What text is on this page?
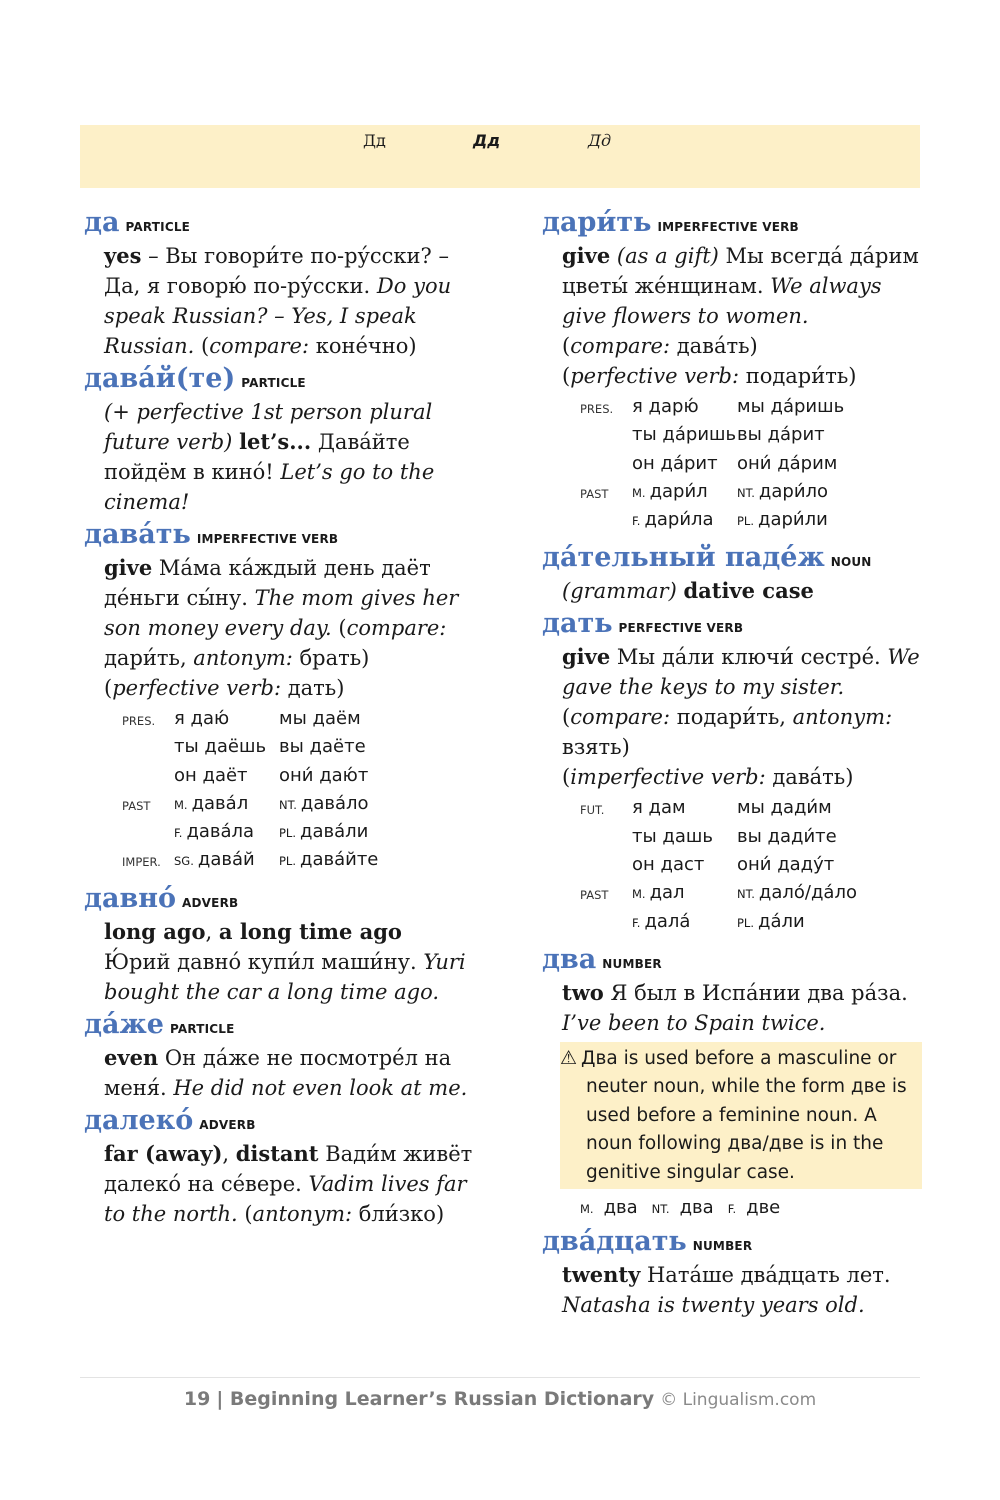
Дд	Дд	Дд
да PARTICLE
yes – Вы говори́те по-ру́сски? – Да, я говорю́ по-ру́сски. Do you speak Russian? – Yes, I speak Russian. (compare: коне́чно)
дава́й(те) PARTICLE
(+ perfective 1st person plural future verb) let’s... Дава́йте пойдём в кино́! Let’s go to the cinema!
дава́ть IMPERFECTIVE VERB
give Ма́ма ка́ждый день даёт де́ньги сы́ну. The mom gives her son money every day. (compare: дари́ть, antonym: брать)
(perfective verb: дать)
PRES. я даю́	мы даём
ты даёшь вы даёте
он даёт они́ даю́т
PAST M. дава́л	NT. дава́ло
F. дава́ла PL. дава́ли
IMPER. SG. дава́й PL. дава́йте
давно́ ADVERB
long ago, a long time ago Ю́рий давно́ купи́л маши́ну. Yuri bought the car a long time ago.
да́же PARTICLE
even Он да́же не посмотре́л на меня́. He did not even look at me.
далеко́ ADVERB
far (away), distant Вади́м живёт далеко́ на се́вере. Vadim lives far to the north. (antonym: бли́зко)
дари́ть IMPERFECTIVE VERB
give (as a gift) Мы всегда́ да́рим цветы́ же́нщинам. We always give flowers to women.
(compare: дава́ть)
(perfective verb: подари́ть)
PRES. я дарю́ мы да́ришь
ты да́ришь вы да́рит
он да́рит они́ да́рим
PAST M. дари́л	NT. дари́ло
F. дари́ла PL. дари́ли
да́тельный паде́ж NOUN
(grammar) dative case
дать PERFECTIVE VERB
give Мы да́ли ключи́ сестре́. We gave the keys to my sister. (compare: подари́ть, antonym: взять)
(imperfective verb: дава́ть)
FUT. я дам	мы дади́м
ты дашь вы дади́те
он даст они́ даду́т
PAST M. дал	NT. дало́/да́ло
F. дала́	PL. да́ли
два NUMBER
two Я был в Испа́нии два ра́за. I’ve been to Spain twice.
⚠ Два is used before a masculine or neuter noun, while the form две is used before a feminine noun. A noun following два/две is in the genitive singular case.
M. два NT. два F. две
два́дцать NUMBER
twenty Ната́ше два́дцать лет. Natasha is twenty years old.
19 | Beginning Learner’s Russian Dictionary © Lingualism.com
